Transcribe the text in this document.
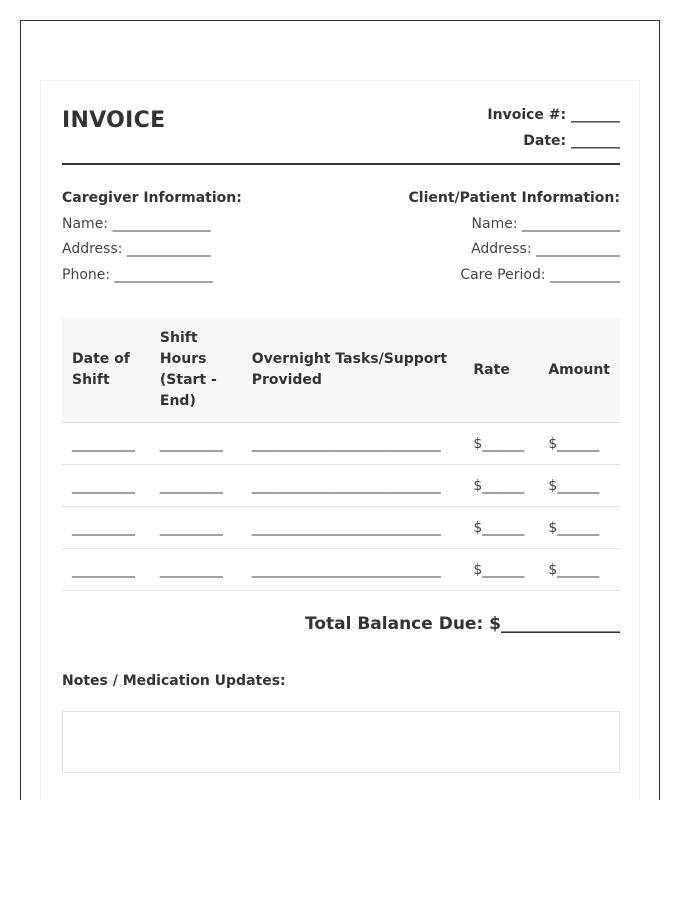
INVOICE	Invoice #: _______
Date: _______
Caregiver Information:
Name: ______________
Address: ____________
Phone: ______________
Client/Patient Information:
Name: ______________
Address: ____________
Care Period: __________
Date of Shift	Shift Hours (Start - End)	Overnight Tasks/Support Provided	Rate	Amount
_________	_________	___________________________	$______	$______
_________	_________	___________________________	$______	$______
_________	_________	___________________________	$______	$______
_________	_________	___________________________	$______	$______
Total Balance Due: $______________
Notes / Medication Updates:
